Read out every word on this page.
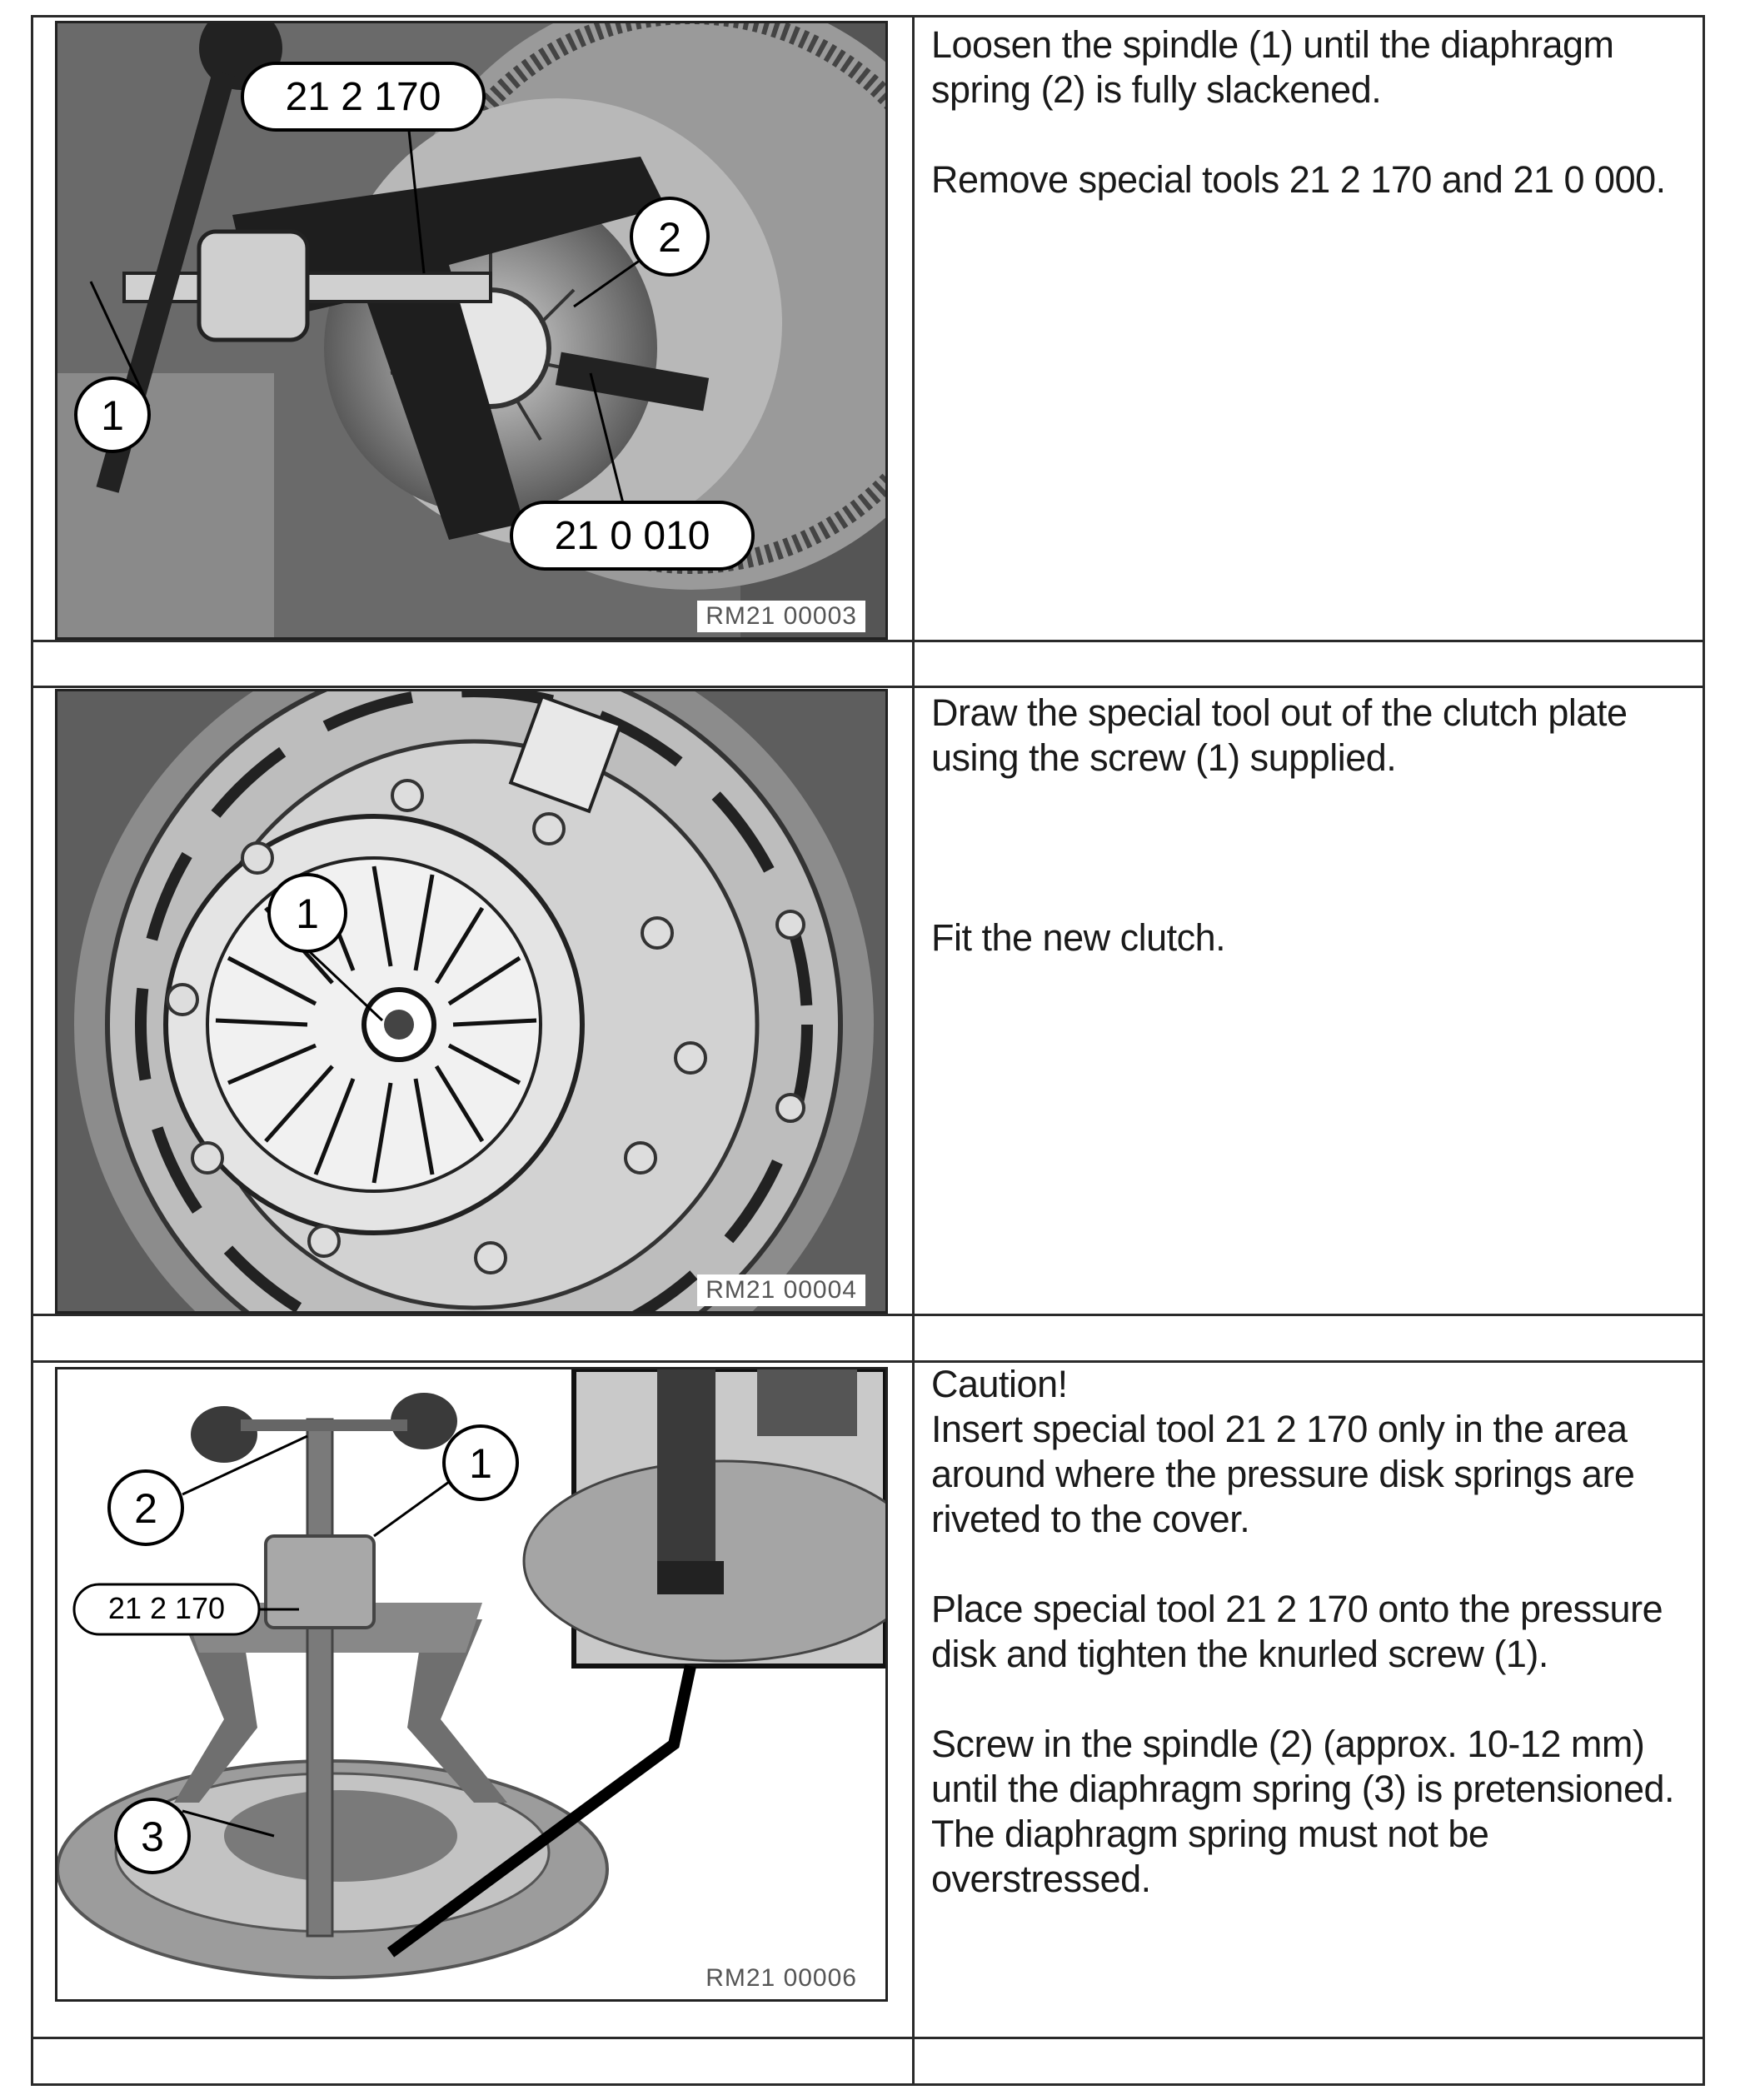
21 2 170
2
1
21 0 010
RM21 00003

Loosen the spindle (1) until the diaphragm spring (2) is fully slackened.

Remove special tools 21 2 170 and 21 0 000.

1
RM21 00004

Draw the special tool out of the clutch plate using the screw (1) supplied.

Fit the new clutch.

1
2
21 2 170
3
RM21 00006

Caution!

Insert special tool 21 2 170 only in the area around where the pressure disk springs are riveted to the cover.

Place special tool 21 2 170 onto the pressure disk and tighten the knurled screw (1).

Screw in the spindle (2) (approx. 10-12 mm) until the diaphragm spring (3) is pretensioned.

The diaphragm spring must not be overstressed.
